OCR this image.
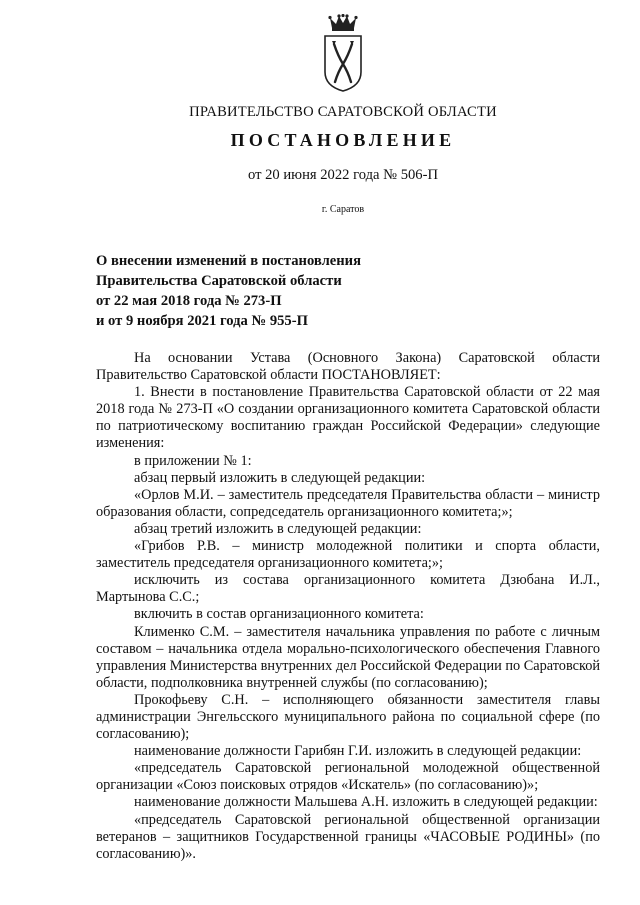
ПРАВИТЕЛЬСТВО САРАТОВСКОЙ ОБЛАСТИ
ПОСТАНОВЛЕНИЕ
от 20 июня 2022 года № 506-П
г. Саратов
О внесении изменений в постановления
Правительства Саратовской области
от 22 мая 2018 года № 273-П
и от 9 ноября 2021 года № 955-П

На основании Устава (Основного Закона) Саратовской области Правительство Саратовской области ПОСТАНОВЛЯЕТ:

1. Внести в постановление Правительства Саратовской области от 22 мая 2018 года № 273-П «О создании организационного комитета Саратовской области по патриотическому воспитанию граждан Российской Федерации» следующие изменения:

в приложении № 1:

абзац первый изложить в следующей редакции:

«Орлов М.И. – заместитель председателя Правительства области – министр образования области, сопредседатель организационного комитета;»;

абзац третий изложить в следующей редакции:

«Грибов Р.В. – министр молодежной политики и спорта области, заместитель председателя организационного комитета;»;

исключить из состава организационного комитета Дзюбана И.Л., Мартынова С.С.;

включить в состав организационного комитета:

Клименко С.М. – заместителя начальника управления по работе с личным составом – начальника отдела морально-психологического обеспечения Главного управления Министерства внутренних дел Российской Федерации по Саратовской области, подполковника внутренней службы (по согласованию);

Прокофьеву С.Н. – исполняющего обязанности заместителя главы администрации Энгельсского муниципального района по социальной сфере (по согласованию);

наименование должности Гарибян Г.И. изложить в следующей редакции:

«председатель Саратовской региональной молодежной общественной организации «Союз поисковых отрядов «Искатель» (по согласованию)»;

наименование должности Мальшева А.Н. изложить в следующей редакции:

«председатель Саратовской региональной общественной организации ветеранов – защитников Государственной границы «ЧАСОВЫЕ РОДИНЫ» (по согласованию)».
